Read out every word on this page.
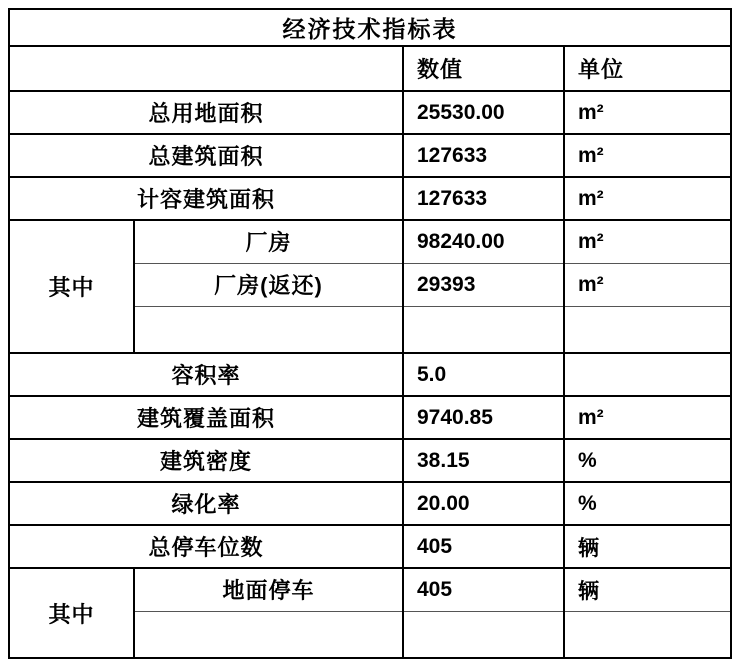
经济技术指标表			
		数值	单位
总用地面积		25530.00	m²
总建筑面积		127633	m²
计容建筑面积		127633	m²
其中	厂房	98240.00	m²
	厂房(返还)	29393	m²

容积率		5.0	
建筑覆盖面积		9740.85	m²
建筑密度		38.15	%
绿化率		20.00	%
总停车位数		405	辆
其中	地面停车	405	辆
